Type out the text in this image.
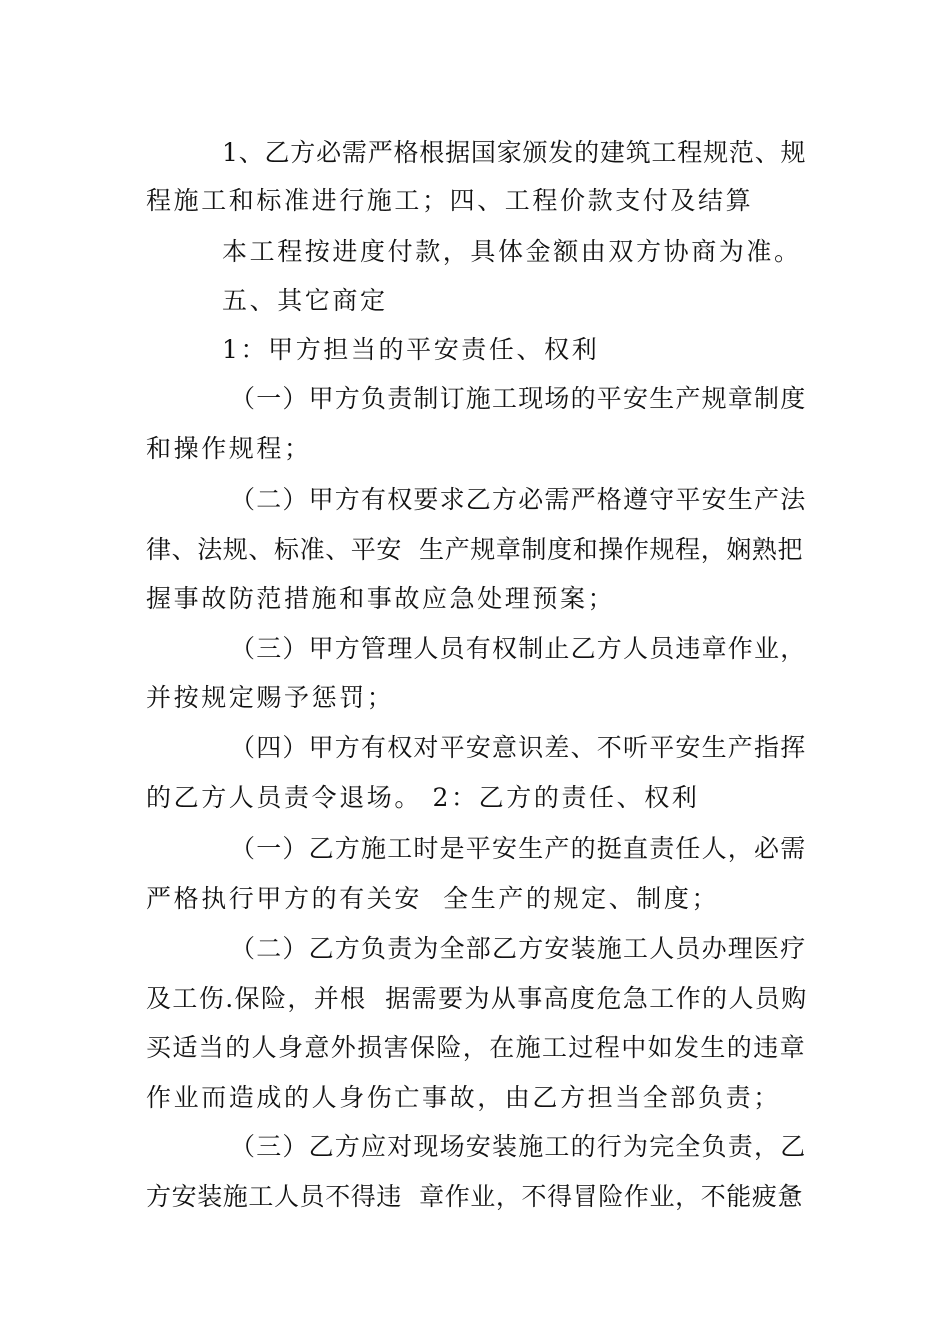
1、乙方必需严格根据国家颁发的建筑工程规范、规
程施工和标准进行施工；四、工程价款支付及结算
本工程按进度付款，具体金额由双方协商为准。
五、其它商定
1：甲方担当的平安责任、权利
（一）甲方负责制订施工现场的平安生产规章制度
和操作规程；
（二）甲方有权要求乙方必需严格遵守平安生产法
律、法规、标准、平安  生产规章制度和操作规程，娴熟把
握事故防范措施和事故应急处理预案；
（三）甲方管理人员有权制止乙方人员违章作业，
并按规定赐予惩罚；
（四）甲方有权对平安意识差、不听平安生产指挥
的乙方人员责令退场。 2：乙方的责任、权利
（一）乙方施工时是平安生产的挺直责任人，必需
严格执行甲方的有关安  全生产的规定、制度；
（二）乙方负责为全部乙方安装施工人员办理医疗
及工伤.保险，并根  据需要为从事高度危急工作的人员购
买适当的人身意外损害保险，在施工过程中如发生的违章
作业而造成的人身伤亡事故，由乙方担当全部负责；
（三）乙方应对现场安装施工的行为完全负责，乙
方安装施工人员不得违  章作业，不得冒险作业，不能疲惫
